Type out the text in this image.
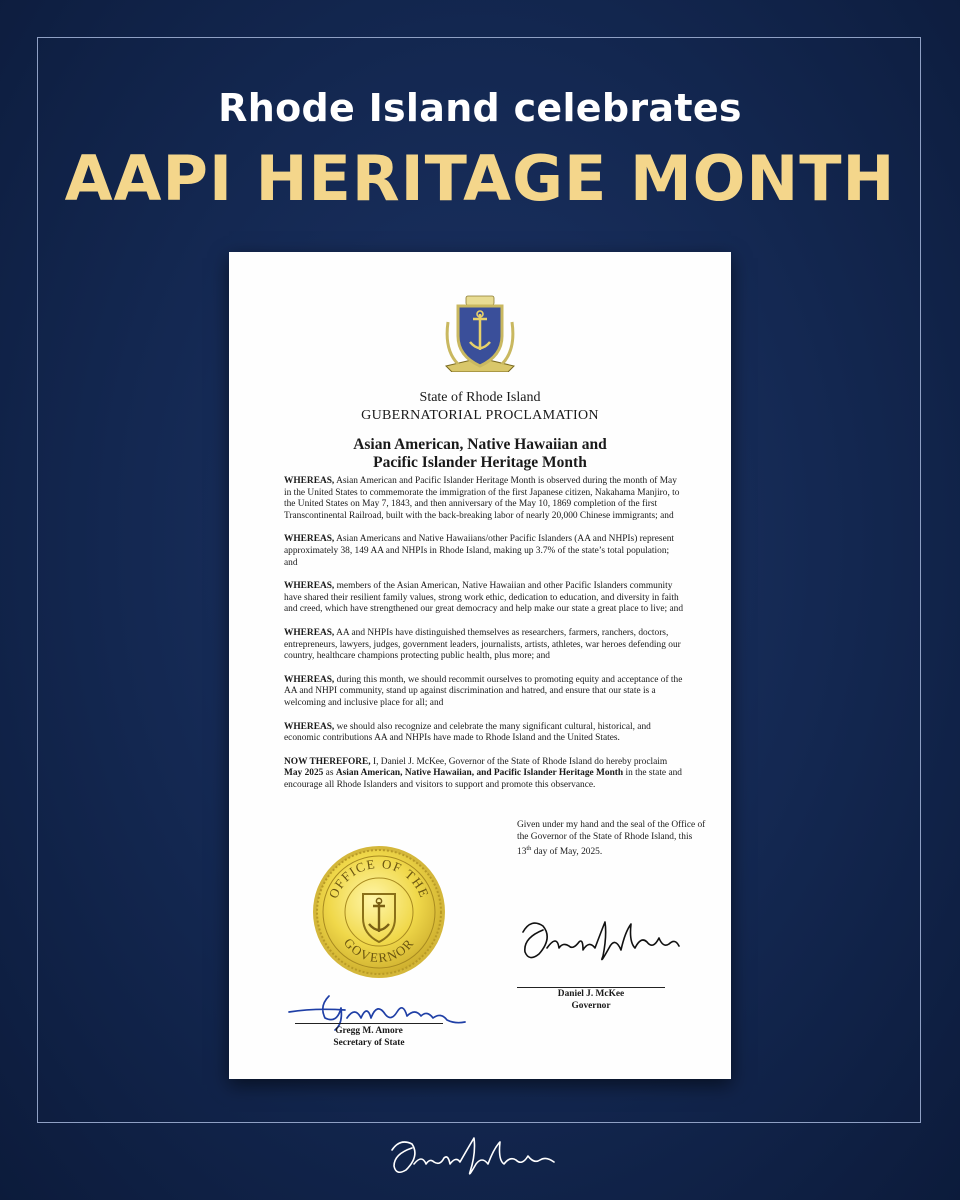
Rhode Island celebrates
AAPI HERITAGE MONTH
State of Rhode Island
GUBERNATORIAL PROCLAMATION
Asian American, Native Hawaiian and
Pacific Islander Heritage Month

WHEREAS, Asian American and Pacific Islander Heritage Month is observed during the month of May in the United States to commemorate the immigration of the first Japanese citizen, Nakahama Manjiro, to the United States on May 7, 1843, and then anniversary of the May 10, 1869 completion of the first Transcontinental Railroad, built with the back-breaking labor of nearly 20,000 Chinese immigrants; and

WHEREAS, Asian Americans and Native Hawaiians/other Pacific Islanders (AA and NHPIs) represent approximately 38, 149 AA and NHPIs in Rhode Island, making up 3.7% of the state’s total population; and

WHEREAS, members of the Asian American, Native Hawaiian and other Pacific Islanders community have shared their resilient family values, strong work ethic, dedication to education, and diversity in faith and creed, which have strengthened our great democracy and help make our state a great place to live; and

WHEREAS, AA and NHPIs have distinguished themselves as researchers, farmers, ranchers, doctors, entrepreneurs, lawyers, judges, government leaders, journalists, artists, athletes, war heroes defending our country, healthcare champions protecting public health, plus more; and

WHEREAS, during this month, we should recommit ourselves to promoting equity and acceptance of the AA and NHPI community, stand up against discrimination and hatred, and ensure that our state is a welcoming and inclusive place for all; and

WHEREAS, we should also recognize and celebrate the many significant cultural, historical, and economic contributions AA and NHPIs have made to Rhode Island and the United States.

NOW THEREFORE, I, Daniel J. McKee, Governor of the State of Rhode Island do hereby proclaim May 2025 as Asian American, Native Hawaiian, and Pacific Islander Heritage Month in the state and encourage all Rhode Islanders and visitors to support and promote this observance.

Given under my hand and the seal of the Office of the Governor of the State of Rhode Island, this 13th day of May, 2025.
OFFICE OF THE
GOVERNOR
Daniel J. McKee
Governor
Gregg M. Amore
Secretary of State
